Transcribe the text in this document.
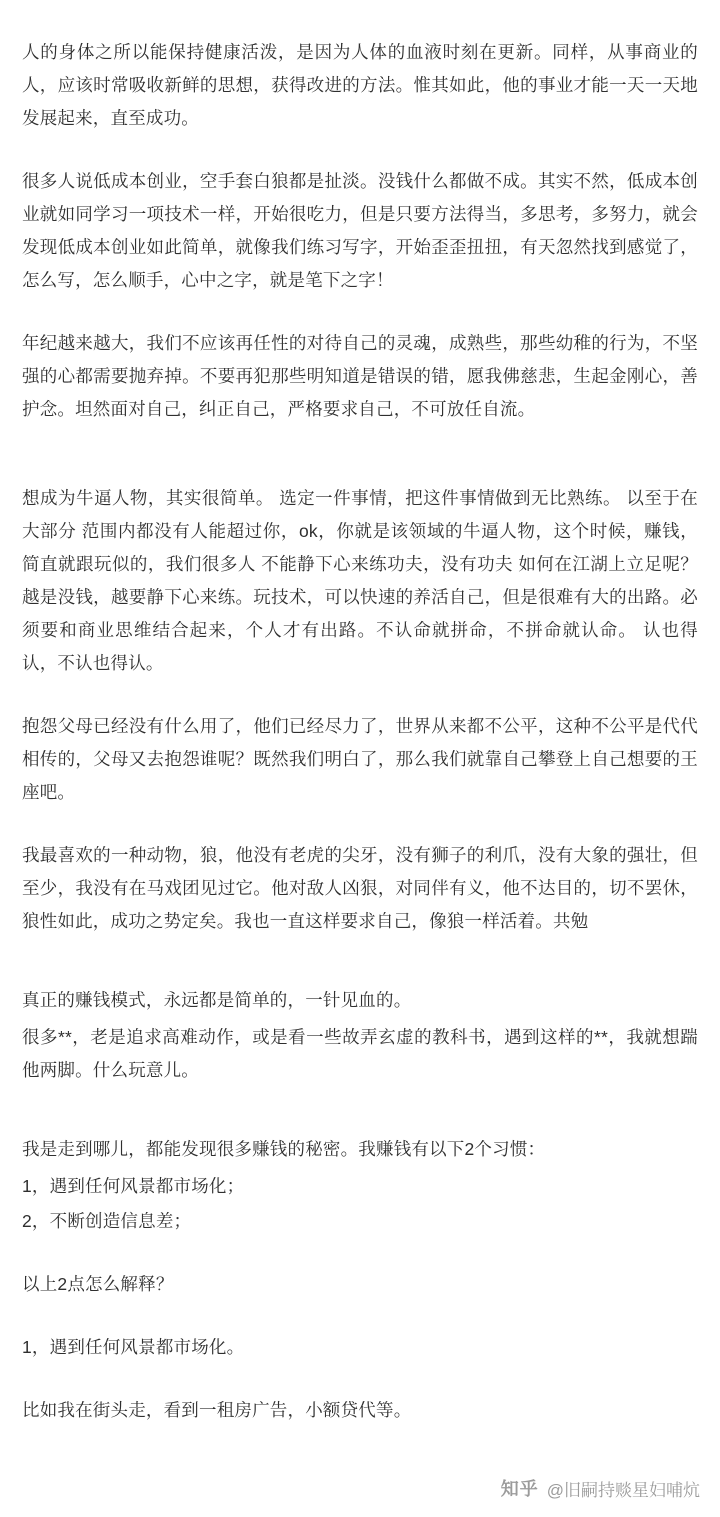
人的身体之所以能保持健康活泼，是因为人体的血液时刻在更新。同样，从事商业的人，应该时常吸收新鲜的思想，获得改进的方法。惟其如此，他的事业才能一天一天地发展起来，直至成功。

很多人说低成本创业，空手套白狼都是扯淡。没钱什么都做不成。其实不然，低成本创业就如同学习一项技术一样，开始很吃力，但是只要方法得当，多思考，多努力，就会发现低成本创业如此简单，就像我们练习写字，开始歪歪扭扭，有天忽然找到感觉了，怎么写，怎么顺手，心中之字，就是笔下之字！

年纪越来越大，我们不应该再任性的对待自己的灵魂，成熟些，那些幼稚的行为，不坚强的心都需要抛弃掉。不要再犯那些明知道是错误的错，愿我佛慈悲，生起金刚心，善护念。坦然面对自己，纠正自己，严格要求自己，不可放任自流。

想成为牛逼人物，其实很简单。 选定一件事情，把这件事情做到无比熟练。 以至于在大部分 范围内都没有人能超过你，ok，你就是该领域的牛逼人物，这个时候，赚钱，简直就跟玩似的，我们很多人 不能静下心来练功夫，没有功夫 如何在江湖上立足呢？越是没钱，越要静下心来练。玩技术，可以快速的养活自己，但是很难有大的出路。必须要和商业思维结合起来，个人才有出路。不认命就拼命，不拼命就认命。 认也得认，不认也得认。

抱怨父母已经没有什么用了，他们已经尽力了，世界从来都不公平，这种不公平是代代相传的，父母又去抱怨谁呢？既然我们明白了，那么我们就靠自己攀登上自己想要的王座吧。

我最喜欢的一种动物，狼，他没有老虎的尖牙，没有狮子的利爪，没有大象的强壮，但至少，我没有在马戏团见过它。他对敌人凶狠，对同伴有义，他不达目的，切不罢休，狼性如此，成功之势定矣。我也一直这样要求自己，像狼一样活着。共勉

真正的赚钱模式，永远都是简单的，一针见血的。

很多**，老是追求高难动作，或是看一些故弄玄虚的教科书，遇到这样的**，我就想踹他两脚。什么玩意儿。

我是走到哪儿，都能发现很多赚钱的秘密。我赚钱有以下2个习惯：

1，遇到任何风景都市场化；

2，不断创造信息差；

以上2点怎么解释？

1，遇到任何风景都市场化。

比如我在街头走，看到一租房广告，小额贷代等。

知乎 @旧嗣持赕星妇哺炕
